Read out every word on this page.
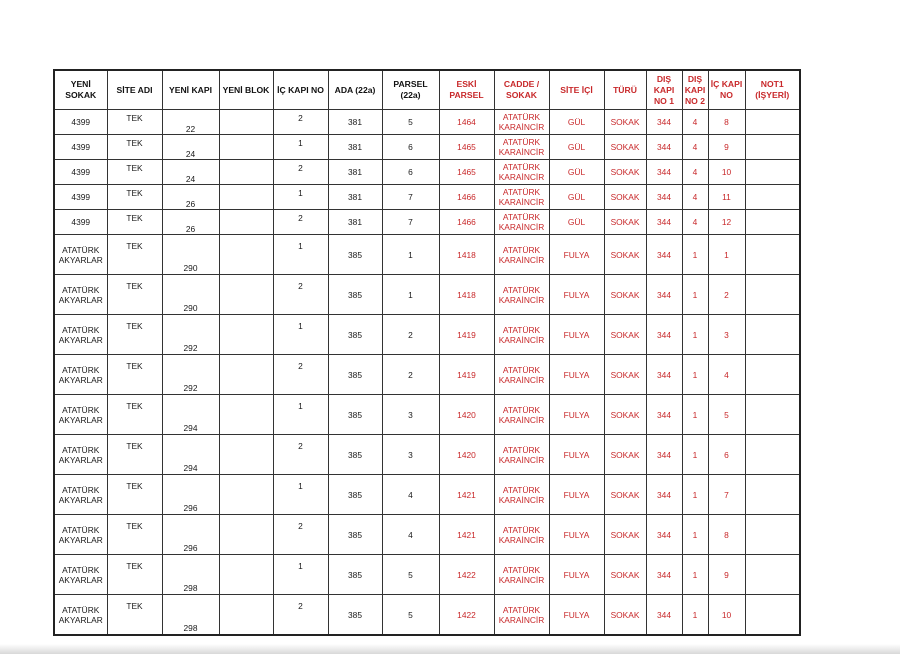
YENİ SOKAK	SİTE ADI	YENİ KAPI	YENİ BLOK	İÇ KAPI NO	ADA (22a)	PARSEL (22a)	ESKİ PARSEL	CADDE / SOKAK	SİTE İÇİ	TÜRÜ	DIŞ KAPI NO 1	DIŞ KAPI NO 2	İÇ KAPI NO	NOT1 (İŞYERİ)
4399	TEK	22		2	381	5	1464	ATATÜRK KARAİNCİR	GÜL	SOKAK	344	4	8	
4399	TEK	24		1	381	6	1465	ATATÜRK KARAİNCİR	GÜL	SOKAK	344	4	9	
4399	TEK	24		2	381	6	1465	ATATÜRK KARAİNCİR	GÜL	SOKAK	344	4	10	
4399	TEK	26		1	381	7	1466	ATATÜRK KARAİNCİR	GÜL	SOKAK	344	4	11	
4399	TEK	26		2	381	7	1466	ATATÜRK KARAİNCİR	GÜL	SOKAK	344	4	12	
ATATÜRK AKYARLAR	TEK	290		1	385	1	1418	ATATÜRK KARAİNCİR	FULYA	SOKAK	344	1	1	
ATATÜRK AKYARLAR	TEK	290		2	385	1	1418	ATATÜRK KARAİNCİR	FULYA	SOKAK	344	1	2	
ATATÜRK AKYARLAR	TEK	292		1	385	2	1419	ATATÜRK KARAİNCİR	FULYA	SOKAK	344	1	3	
ATATÜRK AKYARLAR	TEK	292		2	385	2	1419	ATATÜRK KARAİNCİR	FULYA	SOKAK	344	1	4	
ATATÜRK AKYARLAR	TEK	294		1	385	3	1420	ATATÜRK KARAİNCİR	FULYA	SOKAK	344	1	5	
ATATÜRK AKYARLAR	TEK	294		2	385	3	1420	ATATÜRK KARAİNCİR	FULYA	SOKAK	344	1	6	
ATATÜRK AKYARLAR	TEK	296		1	385	4	1421	ATATÜRK KARAİNCİR	FULYA	SOKAK	344	1	7	
ATATÜRK AKYARLAR	TEK	296		2	385	4	1421	ATATÜRK KARAİNCİR	FULYA	SOKAK	344	1	8	
ATATÜRK AKYARLAR	TEK	298		1	385	5	1422	ATATÜRK KARAİNCİR	FULYA	SOKAK	344	1	9	
ATATÜRK AKYARLAR	TEK	298		2	385	5	1422	ATATÜRK KARAİNCİR	FULYA	SOKAK	344	1	10	
